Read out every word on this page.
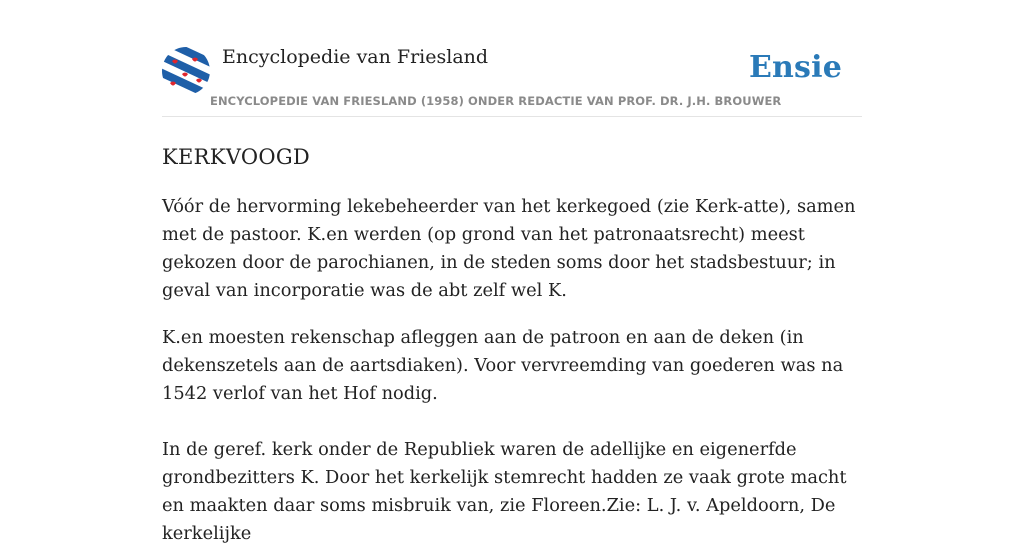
Encyclopedie van Friesland	Ensie
ENCYCLOPEDIE VAN FRIESLAND (1958) ONDER REDACTIE VAN PROF. DR. J.H. BROUWER
KERKVOOGD

Vóór de hervorming lekebeheerder van het kerkegoed (zie Kerk-atte), samen met de pastoor. K.en werden (op grond van het patronaatsrecht) meest gekozen door de parochianen, in de steden soms door het stadsbestuur; in geval van incorporatie was de abt zelf wel K.

K.en moesten rekenschap afleggen aan de patroon en aan de deken (in dekenszetels aan de aartsdiaken). Voor vervreemding van goederen was na 1542 verlof van het Hof nodig.

In de geref. kerk onder de Republiek waren de adellijke en eigenerfde grondbezitters K. Door het kerkelijk stemrecht hadden ze vaak grote macht en maakten daar soms misbruik van, zie Floreen.Zie: L. J. v. Apeldoorn, De kerkelijke
